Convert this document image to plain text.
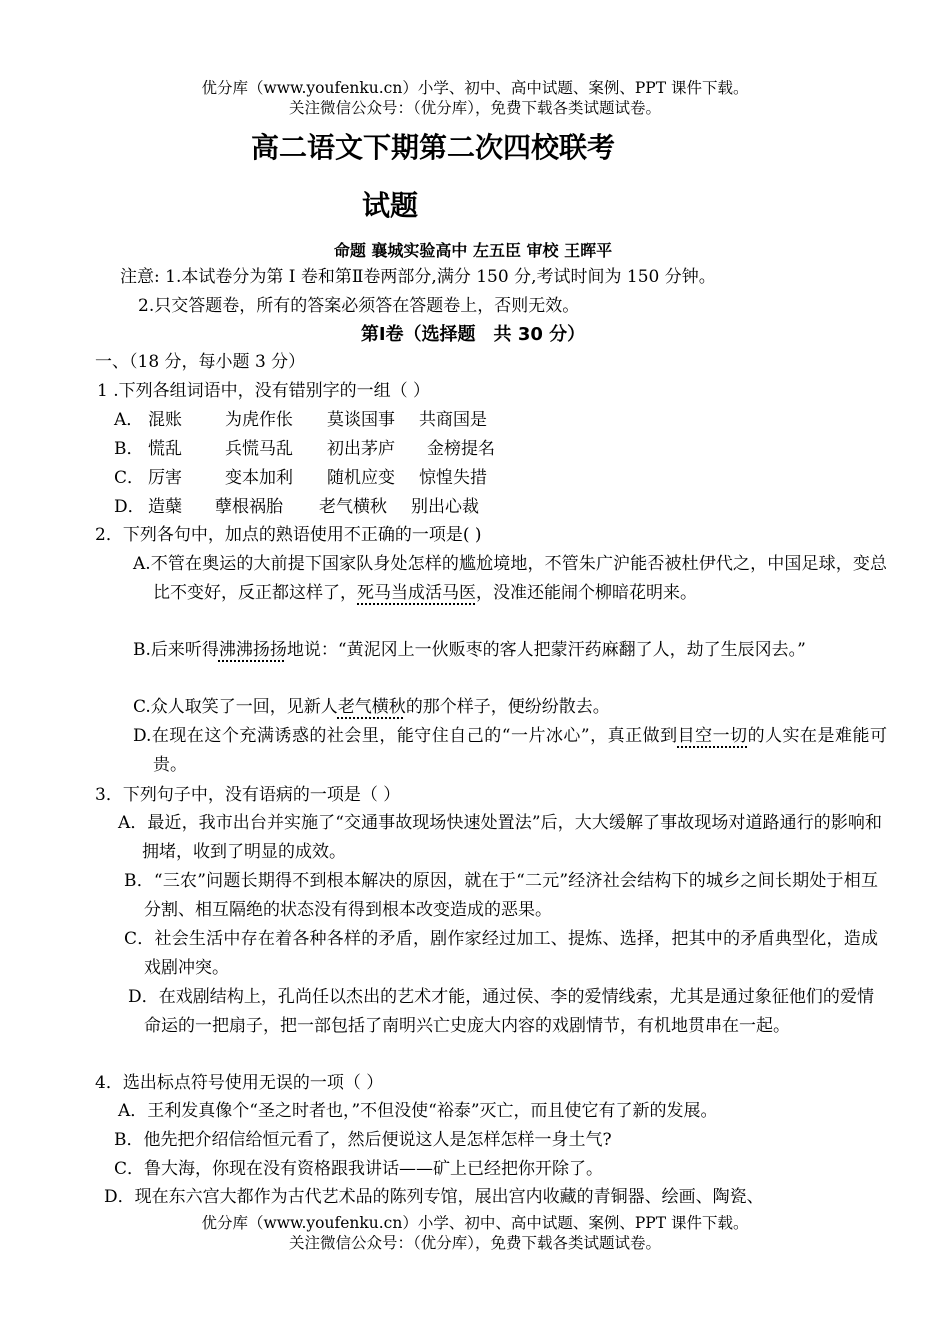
优分库（www.youfenku.cn）小学、初中、高中试题、案例、PPT 课件下载。
关注微信公众号：（优分库），免费下载各类试题试卷。
高二语文下期第二次四校联考
试题
命题 襄城实验高中 左五臣 审校 王晖平
注意: 1.本试卷分为第 I 卷和第Ⅱ卷两部分,满分 150 分,考试时间为 150 分钟。
2.只交答题卷，所有的答案必须答在答题卷上，否则无效。
第Ⅰ卷（选择题　共 30 分）
一、（18 分，每小题 3 分）
1 .下列各组词语中，没有错别字的一组（ ）
A． 混账	为虎作伥 莫谈国事 共商国是
B． 慌乱	兵慌马乱 初出茅庐 金榜提名
C． 厉害	变本加利 随机应变 惊惶失措
D． 造蘖 孽根祸胎 老气横秋 别出心裁
2．下列各句中，加点的熟语使用不正确的一项是( )
A.不管在奥运的大前提下国家队身处怎样的尴尬境地，不管朱广沪能否被杜伊代之，中国足球，变总比不变好，反正都这样了，死马当成活马医，没准还能闹个柳暗花明来。
B.后来听得沸沸扬扬地说：“黄泥冈上一伙贩枣的客人把蒙汗药麻翻了人，劫了生辰冈去。”
C.众人取笑了一回，见新人老气横秋的那个样子，便纷纷散去。
D.在现在这个充满诱惑的社会里，能守住自己的“一片冰心”，真正做到目空一切的人实在是难能可贵。
3．下列句子中，没有语病的一项是（ ）
A．最近，我市出台并实施了“交通事故现场快速处置法”后，大大缓解了事故现场对道路通行的影响和拥堵，收到了明显的成效。
B．“三农”问题长期得不到根本解决的原因，就在于“二元”经济社会结构下的城乡之间长期处于相互分割、相互隔绝的状态没有得到根本改变造成的恶果。
C．社会生活中存在着各种各样的矛盾，剧作家经过加工、提炼、选择，把其中的矛盾典型化，造成戏剧冲突。
D．在戏剧结构上，孔尚任以杰出的艺术才能，通过侯、李的爱情线索，尤其是通过象征他们的爱情命运的一把扇子，把一部包括了南明兴亡史庞大内容的戏剧情节，有机地贯串在一起。
4．选出标点符号使用无误的一项（ ）
A．王利发真像个“圣之时者也，”不但没使“裕泰”灭亡，而且使它有了新的发展。
B．他先把介绍信给恒元看了，然后便说这人是怎样怎样一身土气?
C．鲁大海，你现在没有资格跟我讲话——矿上已经把你开除了。
D．现在东六宫大都作为古代艺术品的陈列专馆，展出宫内收藏的青铜器、绘画、陶瓷、
优分库（www.youfenku.cn）小学、初中、高中试题、案例、PPT 课件下载。
关注微信公众号：（优分库），免费下载各类试题试卷。
